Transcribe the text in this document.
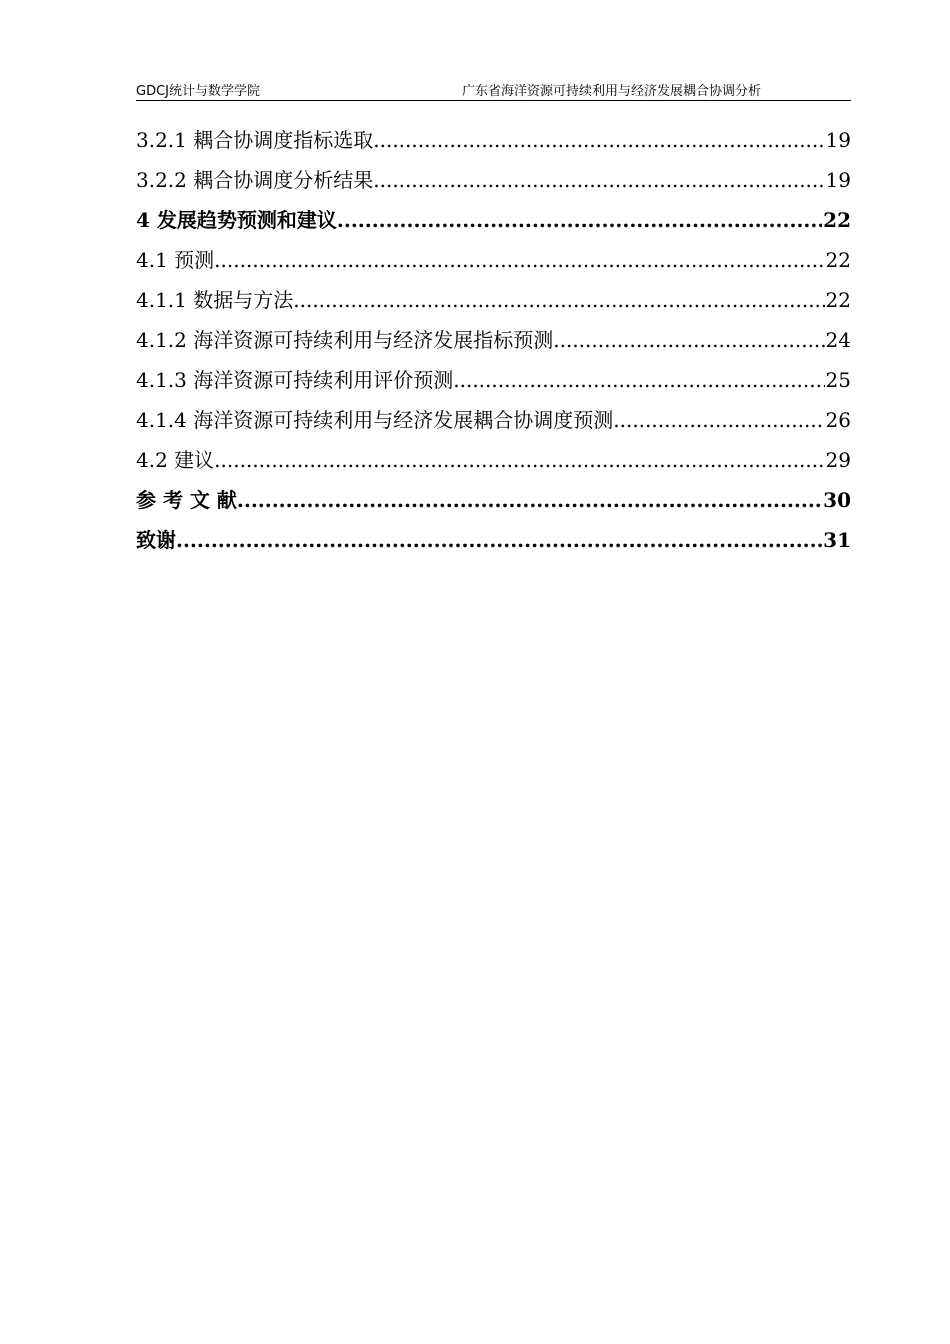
GDCJ统计与数学学院	广东省海洋资源可持续利用与经济发展耦合协调分析
3.2.1 耦合协调度指标选取 .....	19
3.2.2 耦合协调度分析结果 .....	19
4 发展趋势预测和建议 .....	22
4.1 预测 .....	22
4.1.1 数据与方法 .....	22
4.1.2 海洋资源可持续利用与经济发展指标预测 .....	24
4.1.3 海洋资源可持续利用评价预测 .....	25
4.1.4 海洋资源可持续利用与经济发展耦合协调度预测 .....	26
4.2 建议 .....	29
参 考 文 献 .....	30
致谢 .....	31
